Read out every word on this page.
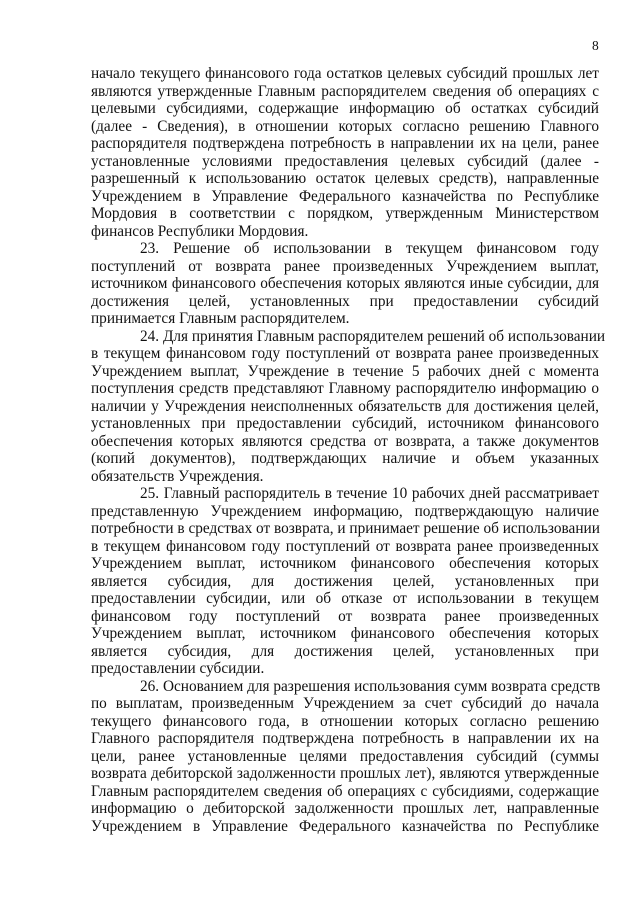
8
начало текущего финансового года остатков целевых субсидий прошлых лет
являются утвержденные Главным распорядителем сведения об операциях с
целевыми субсидиями, содержащие информацию об остатках субсидий
(далее - Сведения), в отношении которых согласно решению Главного
распорядителя подтверждена потребность в направлении их на цели, ранее
установленные условиями предоставления целевых субсидий (далее -
разрешенный к использованию остаток целевых средств), направленные
Учреждением в Управление Федерального казначейства по Республике
Мордовия в соответствии с порядком, утвержденным Министерством
финансов Республики Мордовия.
23. Решение об использовании в текущем финансовом году
поступлений от возврата ранее произведенных Учреждением выплат,
источником финансового обеспечения которых являются иные субсидии, для
достижения целей, установленных при предоставлении субсидий
принимается Главным распорядителем.
24. Для принятия Главным распорядителем решений об использовании
в текущем финансовом году поступлений от возврата ранее произведенных
Учреждением выплат, Учреждение в течение 5 рабочих дней с момента
поступления средств представляют Главному распорядителю информацию о
наличии у Учреждения неисполненных обязательств для достижения целей,
установленных при предоставлении субсидий, источником финансового
обеспечения которых являются средства от возврата, а также документов
(копий документов), подтверждающих наличие и объем указанных
обязательств Учреждения.
25. Главный распорядитель в течение 10 рабочих дней рассматривает
представленную Учреждением информацию, подтверждающую наличие
потребности в средствах от возврата, и принимает решение об использовании
в текущем финансовом году поступлений от возврата ранее произведенных
Учреждением выплат, источником финансового обеспечения которых
является субсидия, для достижения целей, установленных при
предоставлении субсидии, или об отказе от использовании в текущем
финансовом году поступлений от возврата ранее произведенных
Учреждением выплат, источником финансового обеспечения которых
является субсидия, для достижения целей, установленных при
предоставлении субсидии.
26. Основанием для разрешения использования сумм возврата средств
по выплатам, произведенным Учреждением за счет субсидий до начала
текущего финансового года, в отношении которых согласно решению
Главного распорядителя подтверждена потребность в направлении их на
цели, ранее установленные целями предоставления субсидий (суммы
возврата дебиторской задолженности прошлых лет), являются утвержденные
Главным распорядителем сведения об операциях с субсидиями, содержащие
информацию о дебиторской задолженности прошлых лет, направленные
Учреждением в Управление Федерального казначейства по Республике
